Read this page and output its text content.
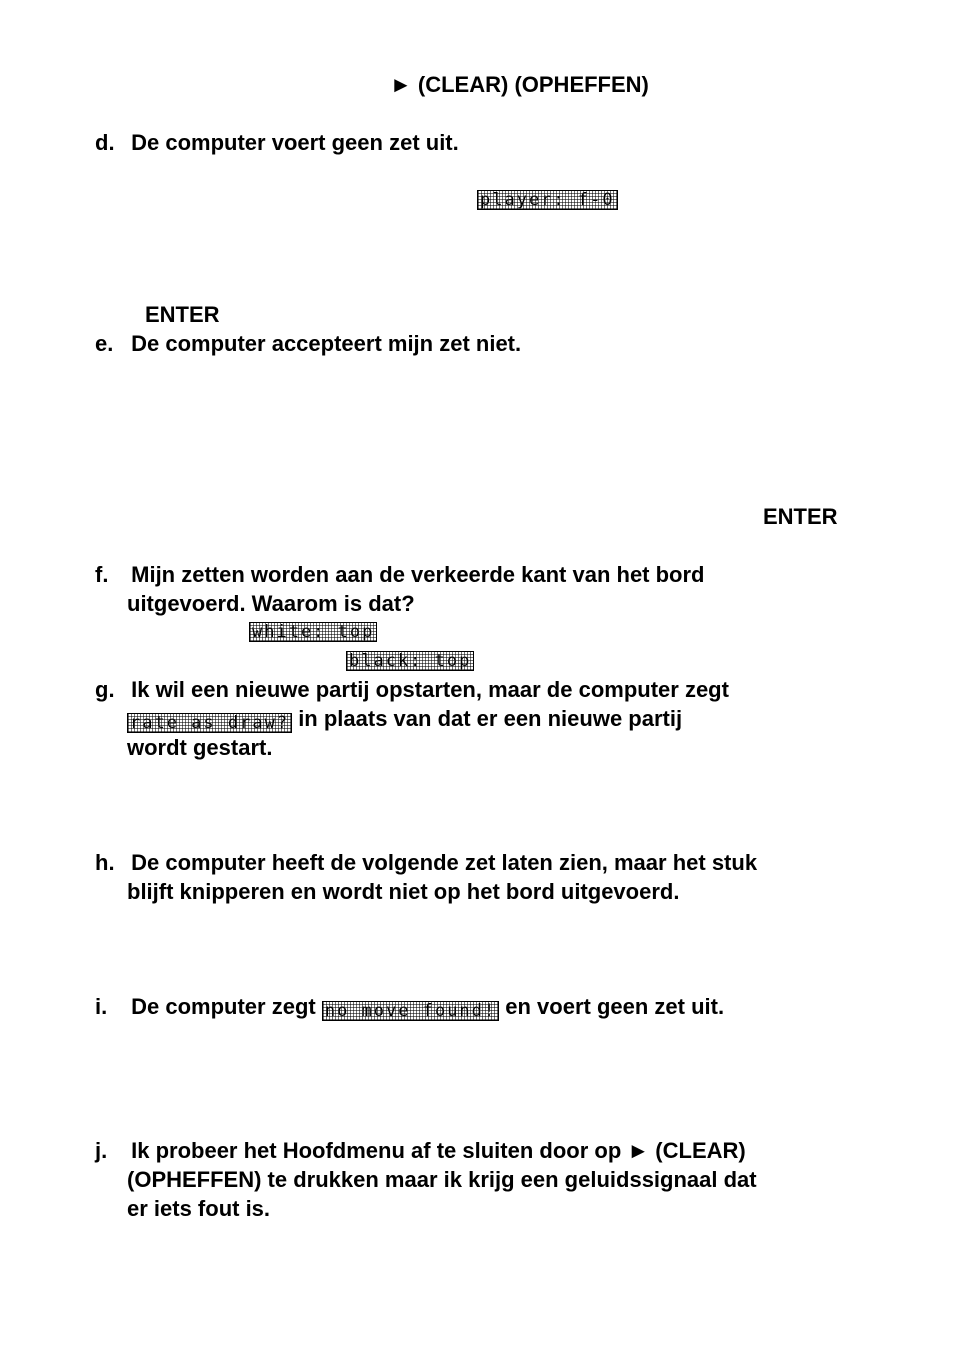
► (CLEAR) (OPHEFFEN)
d. De computer voert geen zet uit.
player: f-0
ENTER
e. De computer accepteert mijn zet niet.
ENTER
f. Mijn zetten worden aan de verkeerde kant van het bord
uitgevoerd. Waarom is dat?
white: top
black: top
g. Ik wil een nieuwe partij opstarten, maar de computer zegt
rate as draw? in plaats van dat er een nieuwe partij
wordt gestart.
h. De computer heeft de volgende zet laten zien, maar het stuk
blijft knipperen en wordt niet op het bord uitgevoerd.
i. De computer zegt no move found! en voert geen zet uit.
j. Ik probeer het Hoofdmenu af te sluiten door op ► (CLEAR)
(OPHEFFEN) te drukken maar ik krijg een geluidssignaal dat
er iets fout is.
